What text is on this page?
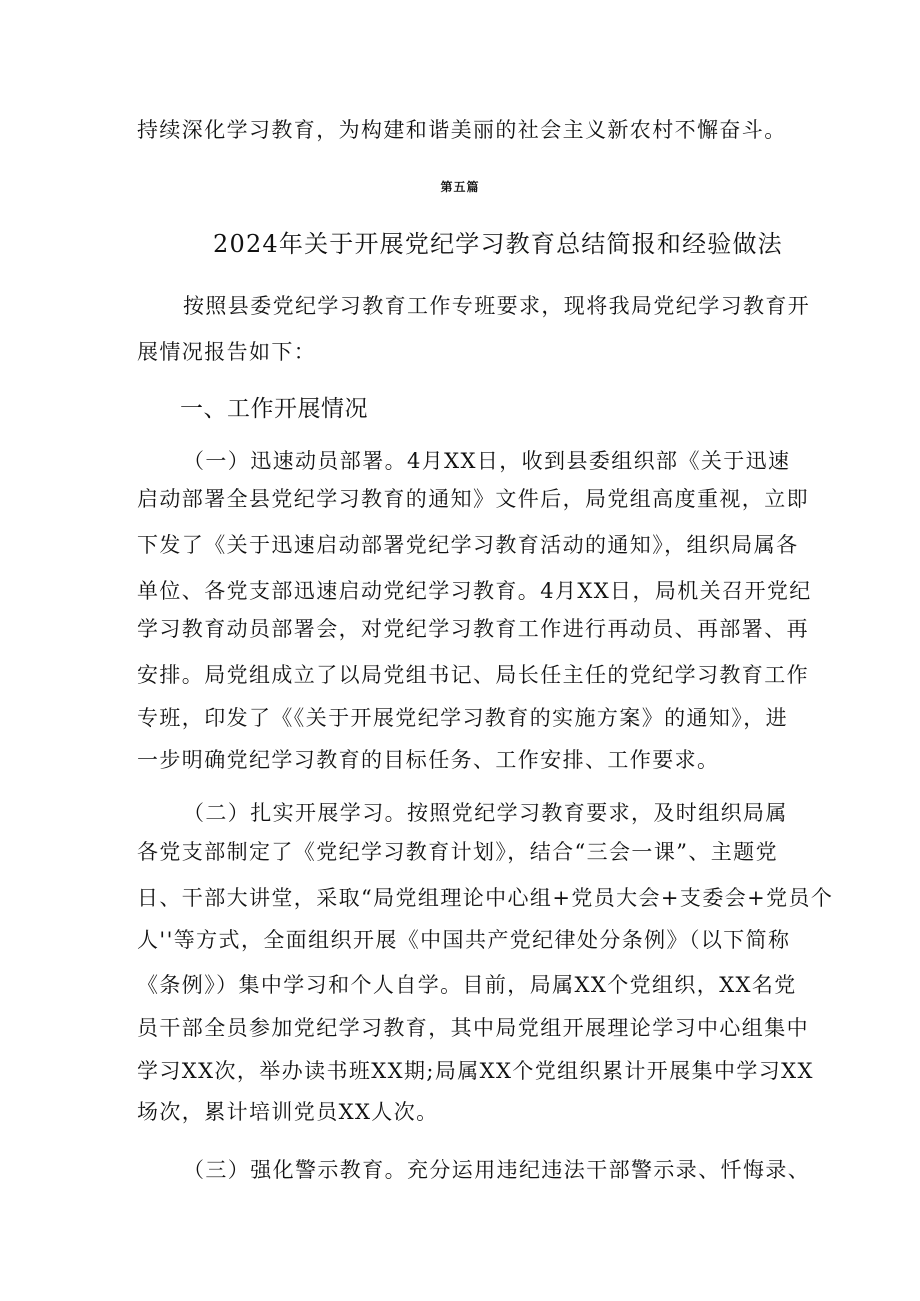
持续深化学习教育，为构建和谐美丽的社会主义新农村不懈奋斗。
第五篇
2024年关于开展党纪学习教育总结简报和经验做法
按照县委党纪学习教育工作专班要求，现将我局党纪学习教育开
展情况报告如下：
一、工作开展情况
（一）迅速动员部署。4月XX日，收到县委组织部《关于迅速
启动部署全县党纪学习教育的通知》文件后，局党组高度重视，立即
下发了《关于迅速启动部署党纪学习教育活动的通知》，组织局属各
单位、各党支部迅速启动党纪学习教育。4月XX日，局机关召开党纪
学习教育动员部署会，对党纪学习教育工作进行再动员、再部署、再
安排。局党组成立了以局党组书记、局长任主任的党纪学习教育工作
专班，印发了《《关于开展党纪学习教育的实施方案》的通知》，进
一步明确党纪学习教育的目标任务、工作安排、工作要求。
（二）扎实开展学习。按照党纪学习教育要求，及时组织局属
各党支部制定了《党纪学习教育计划》，结合“三会一课”、主题党
日、干部大讲堂，采取“局党组理论中心组+党员大会+支委会+党员个
人''等方式，全面组织开展《中国共产党纪律处分条例》（以下简称
《条例》）集中学习和个人自学。目前，局属XX个党组织，XX名党
员干部全员参加党纪学习教育，其中局党组开展理论学习中心组集中
学习XX次，举办读书班XX期;局属XX个党组织累计开展集中学习XX
场次，累计培训党员XX人次。
（三）强化警示教育。充分运用违纪违法干部警示录、忏悔录、
